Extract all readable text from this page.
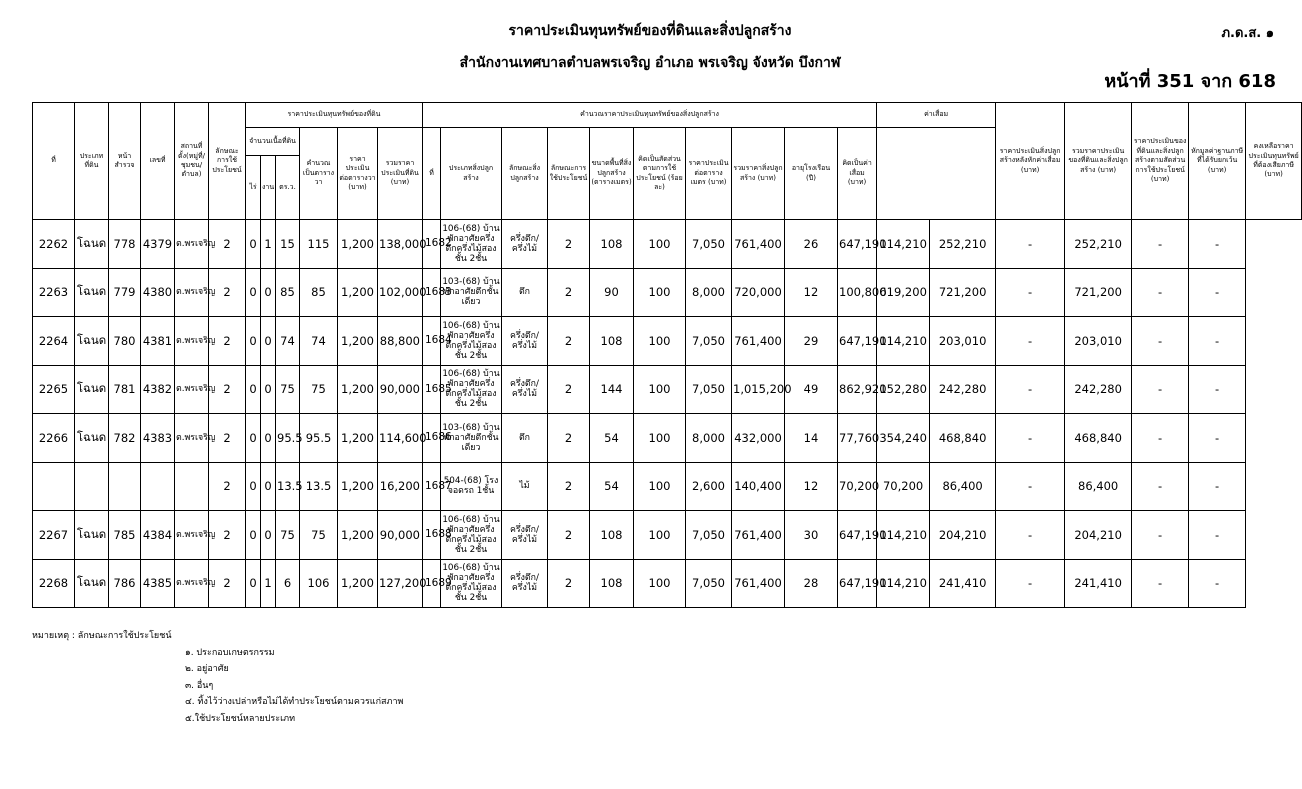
ราคาประเมินทุนทรัพย์ของที่ดินและสิ่งปลูกสร้าง
สำนักงานเทศบาลตำบลพรเจริญ อำเภอ พรเจริญ จังหวัด บึงกาฬ
ภ.ด.ส. ๑
หน้าที่ 351 จาก 618
ที่	ประเภทที่ดิน	หน้าสำรวจ	เลขที่	สถานที่ตั้ง(หมู่ที่/ชุมชน/ตำบล)	ลักษณะการใช้ประโยชน์	ราคาประเมินทุนทรัพย์ของที่ดิน						คำนวณราคาประเมินทุนทรัพย์ของสิ่งปลูกสร้าง										ค่าเสื่อม		ราคาประเมินสิ่งปลูกสร้างหลังหักค่าเสื่อม (บาท)	รวมราคาประเมินของที่ดินและสิ่งปลูกสร้าง (บาท)	ราคาประเมินของที่ดินและสิ่งปลูกสร้างตามสัดส่วนการใช้ประโยชน์ (บาท)	หักมูลค่าฐานภาษีที่ได้รับยกเว้น (บาท)	คงเหลือราคาประเมินทุนทรัพย์ที่ต้องเสียภาษี (บาท)	
						จำนวนเนื้อที่ดิน			คำนวณเป็นตารางวา	ราคาประเมินต่อตารางวา (บาท)	รวมราคาประเมินที่ดิน (บาท)	ที่	ประเภทสิ่งปลูกสร้าง	ลักษณะสิ่งปลูกสร้าง	ลักษณะการใช้ประโยชน์	ขนาดพื้นที่สิ่งปลูกสร้าง (ตารางเมตร)	คิดเป็นสัดส่วนตามการใช้ประโยชน์ (ร้อยละ)	ราคาประเมินต่อตารางเมตร (บาท)	รวมราคาสิ่งปลูกสร้าง (บาท)	อายุโรงเรือน (ปี)	คิดเป็นค่าเสื่อม (บาท)								
						ไร่	งาน	ตร.ว.																					
2262	โฉนด	778	4379	ต.พรเจริญ	2	0	1	15	115	1,200	138,000	1682	106-(68) บ้านพักอาศัยครึ่งตึกครึ่งไม้สองชั้น 2ชั้น	ครึ่งตึก/ครึ่งไม้	2	108	100	7,050	761,400	26	647,190	114,210	252,210	-	252,210	-	-		
2263	โฉนด	779	4380	ต.พรเจริญ	2	0	0	85	85	1,200	102,000	1683	103-(68) บ้านพักอาศัยตึกชั้นเดียว	ตึก	2	90	100	8,000	720,000	12	100,800	619,200	721,200	-	721,200	-	-		
2264	โฉนด	780	4381	ต.พรเจริญ	2	0	0	74	74	1,200	88,800	1684	106-(68) บ้านพักอาศัยครึ่งตึกครึ่งไม้สองชั้น 2ชั้น	ครึ่งตึก/ครึ่งไม้	2	108	100	7,050	761,400	29	647,190	114,210	203,010	-	203,010	-	-		
2265	โฉนด	781	4382	ต.พรเจริญ	2	0	0	75	75	1,200	90,000	1685	106-(68) บ้านพักอาศัยครึ่งตึกครึ่งไม้สองชั้น 2ชั้น	ครึ่งตึก/ครึ่งไม้	2	144	100	7,050	1,015,200	49	862,920	152,280	242,280	-	242,280	-	-		
2266	โฉนด	782	4383	ต.พรเจริญ	2	0	0	95.5	95.5	1,200	114,600	1686	103-(68) บ้านพักอาศัยตึกชั้นเดียว	ตึก	2	54	100	8,000	432,000	14	77,760	354,240	468,840	-	468,840	-	-		
					2	0	0	13.5	13.5	1,200	16,200	1687	504-(68) โรงจอดรถ 1ชั้น	ไม้	2	54	100	2,600	140,400	12	70,200	70,200	86,400	-	86,400	-	-		
2267	โฉนด	785	4384	ต.พรเจริญ	2	0	0	75	75	1,200	90,000	1688	106-(68) บ้านพักอาศัยครึ่งตึกครึ่งไม้สองชั้น 2ชั้น	ครึ่งตึก/ครึ่งไม้	2	108	100	7,050	761,400	30	647,190	114,210	204,210	-	204,210	-	-		
2268	โฉนด	786	4385	ต.พรเจริญ	2	0	1	6	106	1,200	127,200	1689	106-(68) บ้านพักอาศัยครึ่งตึกครึ่งไม้สองชั้น 2ชั้น	ครึ่งตึก/ครึ่งไม้	2	108	100	7,050	761,400	28	647,190	114,210	241,410	-	241,410	-	-		
หมายเหตุ : ลักษณะการใช้ประโยชน์
๑. ประกอบเกษตรกรรม
๒. อยู่อาศัย
๓. อื่นๆ
๔. ทิ้งไว้ว่างเปล่าหรือไม่ได้ทำประโยชน์ตามควรแก่สภาพ
๕.ใช้ประโยชน์หลายประเภท
